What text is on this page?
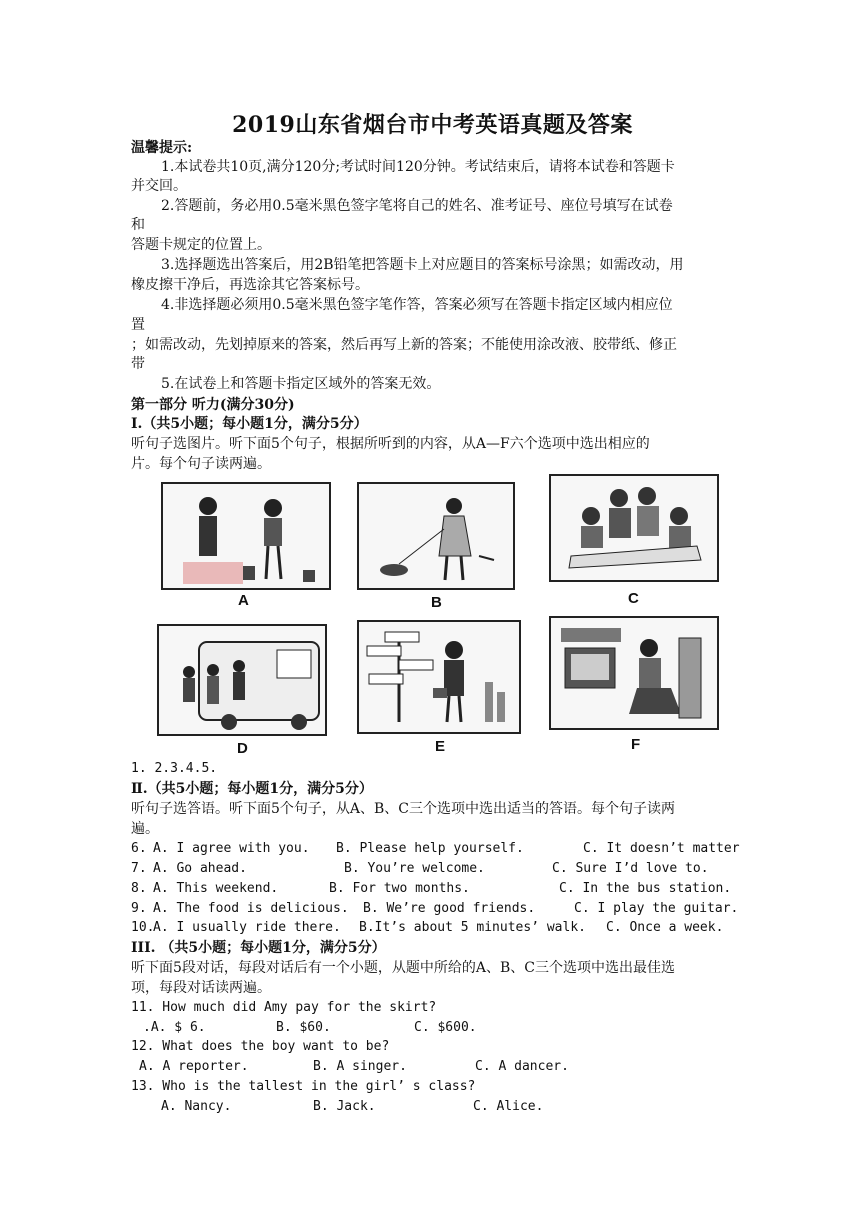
2019山东省烟台市中考英语真题及答案
温馨提示:
1.本试卷共10页,满分120分;考试时间120分钟。考试结束后，请将本试卷和答题卡
并交回。
2.答题前，务必用0.5毫米黑色签字笔将自己的姓名、准考证号、座位号填写在试卷
和
答题卡规定的位置上。
3.选择题选出答案后，用2B铅笔把答题卡上对应题目的答案标号涂黑；如需改动，用
橡皮擦干净后，再选涂其它答案标号。
4.非选择题必须用0.5毫米黑色签字笔作答，答案必须写在答题卡指定区域内相应位
置
；如需改动，先划掉原来的答案，然后再写上新的答案；不能使用涂改液、胶带纸、修正
带
5.在试卷上和答题卡指定区域外的答案无效。
第一部分 听力(满分30分)
Ⅰ.（共5小题；每小题1分，满分5分）
听句子选图片。听下面5个句子，根据所听到的内容，从A—F六个选项中选出相应的
片。每个句子读两遍。
A	B	C
D	E	F
1. 2.3.4.5.
Ⅱ.（共5小题；每小题1分，满分5分）
听句子选答语。听下面5个句子，从A、B、C三个选项中选出适当的答语。每个句子读两
遍。
6. A. I agree with you. B. Please help yourself.	C. It doesn’t matter
7. A. Go ahead.	B. You’re welcome.	C. Sure I’d love to.
8. A. This weekend.	B. For two months.	C. In the bus station.
9. A. The food is delicious. B. We’re good friends.	C. I play the guitar.
10.
A. I usually ride there. B.It’s about 5 minutes’ walk. C. Once a week.
III. （共5小题；每小题1分，满分5分）
听下面5段对话，每段对话后有一个小题，从题中所给的A、B、C三个选项中选出最佳选
项，每段对话读两遍。
11. How much did Amy pay for the skirt?
.A. $ 6.	B. $60.	C. $600.
12. What does the boy want to be?
A. A reporter.	B. A singer.	C. A dancer.
13. Who is the tallest in the girl’ s class?
A. Nancy.	B. Jack.	C. Alice.
